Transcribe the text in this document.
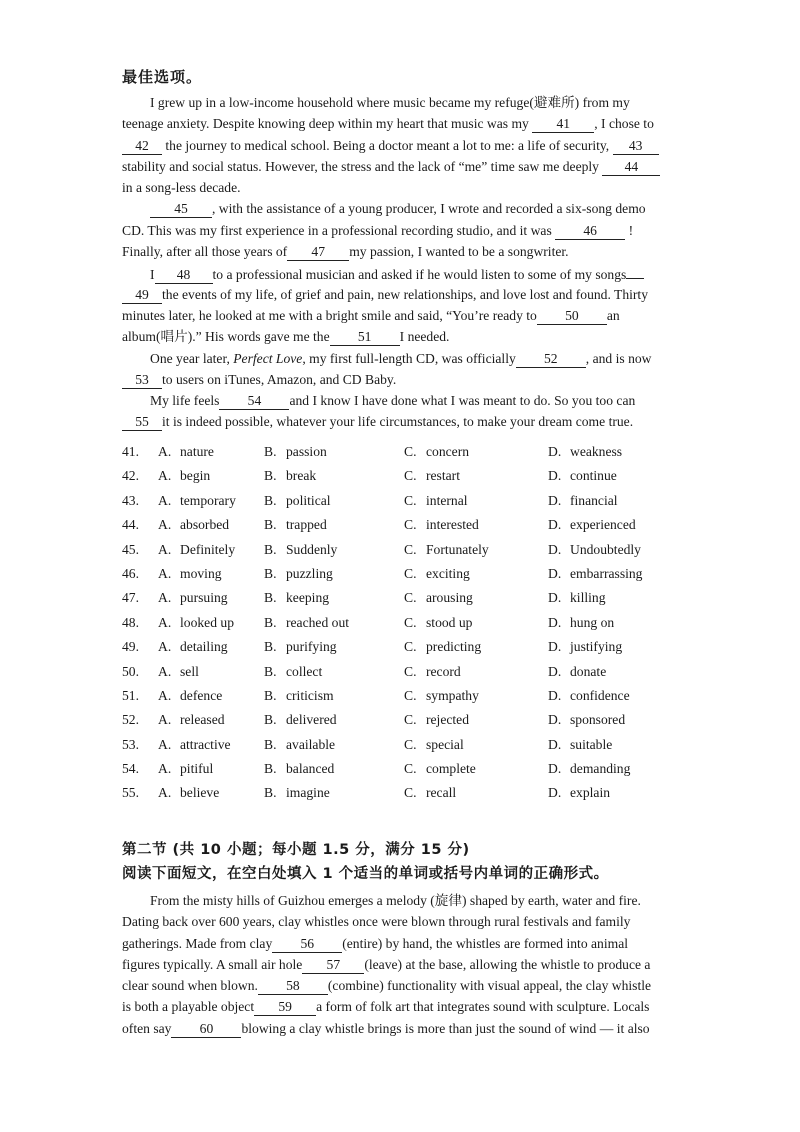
最佳选项。
I grew up in a low-income household where music became my refuge(避难所) from my
teenage anxiety. Despite knowing deep within my heart that music was my 41 , I chose to
42 the journey to medical school. Being a doctor meant a lot to me: a life of security, 43
stability and social status. However, the stress and the lack of “me” time saw me deeply 44
in a song-less decade.
45 , with the assistance of a young producer, I wrote and recorded a six-song demo
CD. This was my first experience in a professional recording studio, and it was 46 !
Finally, after all those years of 47 my passion, I wanted to be a songwriter.
I 48 to a professional musician and asked if he would listen to some of my songs
49 the events of my life, of grief and pain, new relationships, and love lost and found. Thirty
minutes later, he looked at me with a bright smile and said, “You’re ready to 50 an
album(唱片).” His words gave me the 51 I needed.
One year later, Perfect Love, my first full-length CD, was officially 52 , and is now
53 to users on iTunes, Amazon, and CD Baby.
My life feels 54 and I know I have done what I was meant to do. So you too can
55 it is indeed possible, whatever your life circumstances, to make your dream come true.
41. A. nature	B. passion	C. concern	D. weakness
42. A. begin	B. break	C. restart	D. continue
43. A. temporary B. political	C. internal	D. financial
44. A. absorbed	B. trapped	C. interested	D. experienced
45. A. Definitely B. Suddenly	C. Fortunately	D. Undoubtedly
46. A. moving	B. puzzling	C. exciting	D. embarrassing
47. A. pursuing	B. keeping	C. arousing	D. killing
48. A. looked up B. reached out	C. stood up	D. hung on
49. A. detailing	B. purifying	C. predicting	D. justifying
50. A. sell	B. collect	C. record	D. donate
51. A. defence	B. criticism	C. sympathy	D. confidence
52. A. released	B. delivered	C. rejected	D. sponsored
53. A. attractive B. available	C. special	D. suitable
54. A. pitiful	B. balanced	C. complete	D. demanding
55. A. believe	B. imagine	C. recall	D. explain
第二节 (共 10 小题；每小题 1.5 分，满分 15 分)
阅读下面短文，在空白处填入 1 个适当的单词或括号内单词的正确形式。
From the misty hills of Guizhou emerges a melody (旋律) shaped by earth, water and fire.
Dating back over 600 years, clay whistles once were blown through rural festivals and family
gatherings. Made from clay 56 (entire) by hand, the whistles are formed into animal
figures typically. A small air hole 57 (leave) at the base, allowing the whistle to produce a
clear sound when blown. 58 (combine) functionality with visual appeal, the clay whistle
is both a playable object 59 a form of folk art that integrates sound with sculpture. Locals
often say 60 blowing a clay whistle brings is more than just the sound of wind — it also
